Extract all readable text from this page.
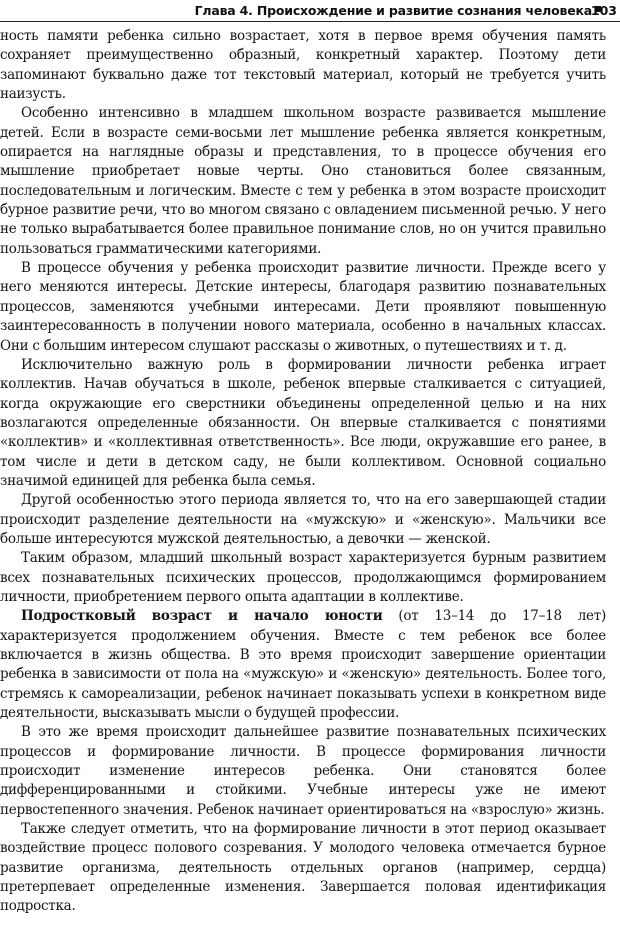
Глава 4. Происхождение и развитие сознания человека
103

ность памяти ребенка сильно возрастает, хотя в первое время обучения память сохраняет преимущественно образный, конкретный характер. Поэтому дети запоминают буквально даже тот текстовый материал, который не требуется учить наизусть.

Особенно интенсивно в младшем школьном возрасте развивается мышление детей. Если в возрасте семи-восьми лет мышление ребенка является конкретным, опирается на наглядные образы и представления, то в процессе обучения его мышление приобретает новые черты. Оно становиться более связанным, последовательным и логическим. Вместе с тем у ребенка в этом возрасте происходит бурное развитие речи, что во многом связано с овладением письменной речью. У него не только вырабатывается более правильное понимание слов, но он учится правильно пользоваться грамматическими категориями.

В процессе обучения у ребенка происходит развитие личности. Прежде всего у него меняются интересы. Детские интересы, благодаря развитию познавательных процессов, заменяются учебными интересами. Дети проявляют повышенную заинтересованность в получении нового материала, особенно в начальных классах. Они с большим интересом слушают рассказы о животных, о путешествиях и т. д.

Исключительно важную роль в формировании личности ребенка играет коллектив. Начав обучаться в школе, ребенок впервые сталкивается с ситуацией, когда окружающие его сверстники объединены определенной целью и на них возлагаются определенные обязанности. Он впервые сталкивается с понятиями «коллектив» и «коллективная ответственность». Все люди, окружавшие его ранее, в том числе и дети в детском саду, не были коллективом. Основной социально значимой единицей для ребенка была семья.

Другой особенностью этого периода является то, что на его завершающей стадии происходит разделение деятельности на «мужскую» и «женскую». Мальчики все больше интересуются мужской деятельностью, а девочки — женской.

Таким образом, младший школьный возраст характеризуется бурным развитием всех познавательных психических процессов, продолжающимся формированием личности, приобретением первого опыта адаптации в коллективе.

Подростковый возраст и начало юности (от 13–14 до 17–18 лет) характеризуется продолжением обучения. Вместе с тем ребенок все более включается в жизнь общества. В это время происходит завершение ориентации ребенка в зависимости от пола на «мужскую» и «женскую» деятельность. Более того, стремясь к самореализации, ребенок начинает показывать успехи в конкретном виде деятельности, высказывать мысли о будущей профессии.

В это же время происходит дальнейшее развитие познавательных психических процессов и формирование личности. В процессе формирования личности происходит изменение интересов ребенка. Они становятся более дифференцированными и стойкими. Учебные интересы уже не имеют первостепенного значения. Ребенок начинает ориентироваться на «взрослую» жизнь.

Также следует отметить, что на формирование личности в этот период оказывает воздействие процесс полового созревания. У молодого человека отмечается бурное развитие организма, деятельность отдельных органов (например, сердца) претерпевает определенные изменения. Завершается половая идентификация подростка.
